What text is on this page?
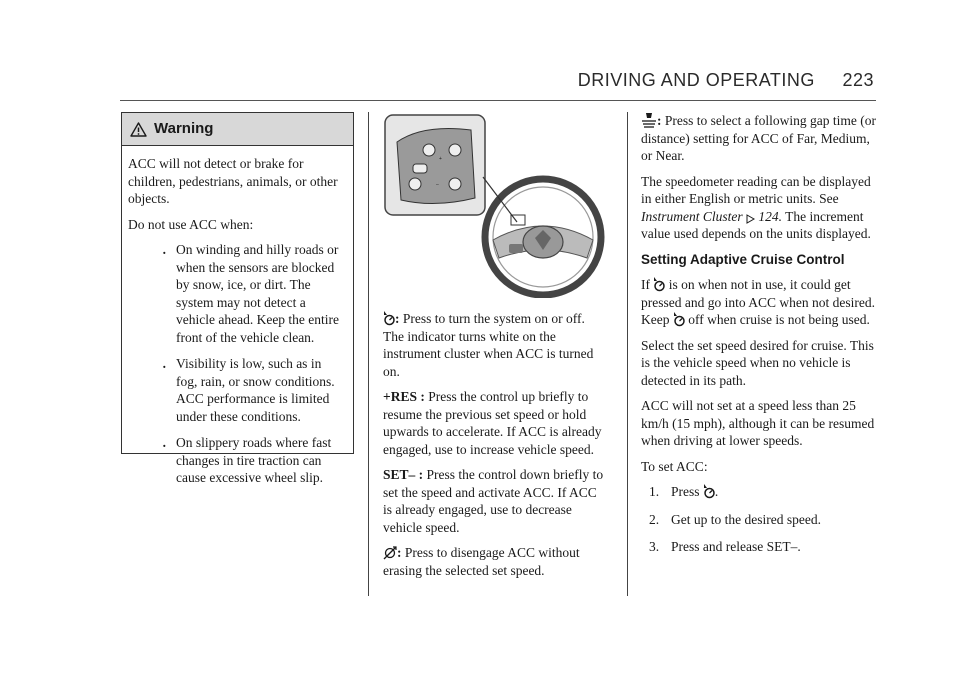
DRIVING AND OPERATING 223
Warning

ACC will not detect or brake for children, pedestrians, animals, or other objects.

Do not use ACC when:

. On winding and hilly roads or when the sensors are blocked by snow, ice, or dirt. The system may not detect a vehicle ahead. Keep the entire front of the vehicle clean.
. Visibility is low, such as in fog, rain, or snow conditions. ACC performance is limited under these conditions.
. On slippery roads where fast changes in tire traction can cause excessive wheel slip.
+
–

: Press to turn the system on or off. The indicator turns white on the instrument cluster when ACC is turned on.

+RES : Press the control up briefly to resume the previous set speed or hold upwards to accelerate. If ACC is already engaged, use to increase vehicle speed.

SET– : Press the control down briefly to set the speed and activate ACC. If ACC is already engaged, use to decrease vehicle speed.

: Press to disengage ACC without erasing the selected set speed.

: Press to select a following gap time (or distance) setting for ACC of Far, Medium, or Near.

The speedometer reading can be displayed in either English or metric units. See Instrument Cluster 124. The increment value used depends on the units displayed.

Setting Adaptive Cruise Control

If is on when not in use, it could get pressed and go into ACC when not desired. Keep off when cruise is not being used.

Select the set speed desired for cruise. This is the vehicle speed when no vehicle is detected in its path.

ACC will not set at a speed less than 25 km/h (15 mph), although it can be resumed when driving at lower speeds.

To set ACC:

1. Press .
2. Get up to the desired speed.
3. Press and release SET–.
